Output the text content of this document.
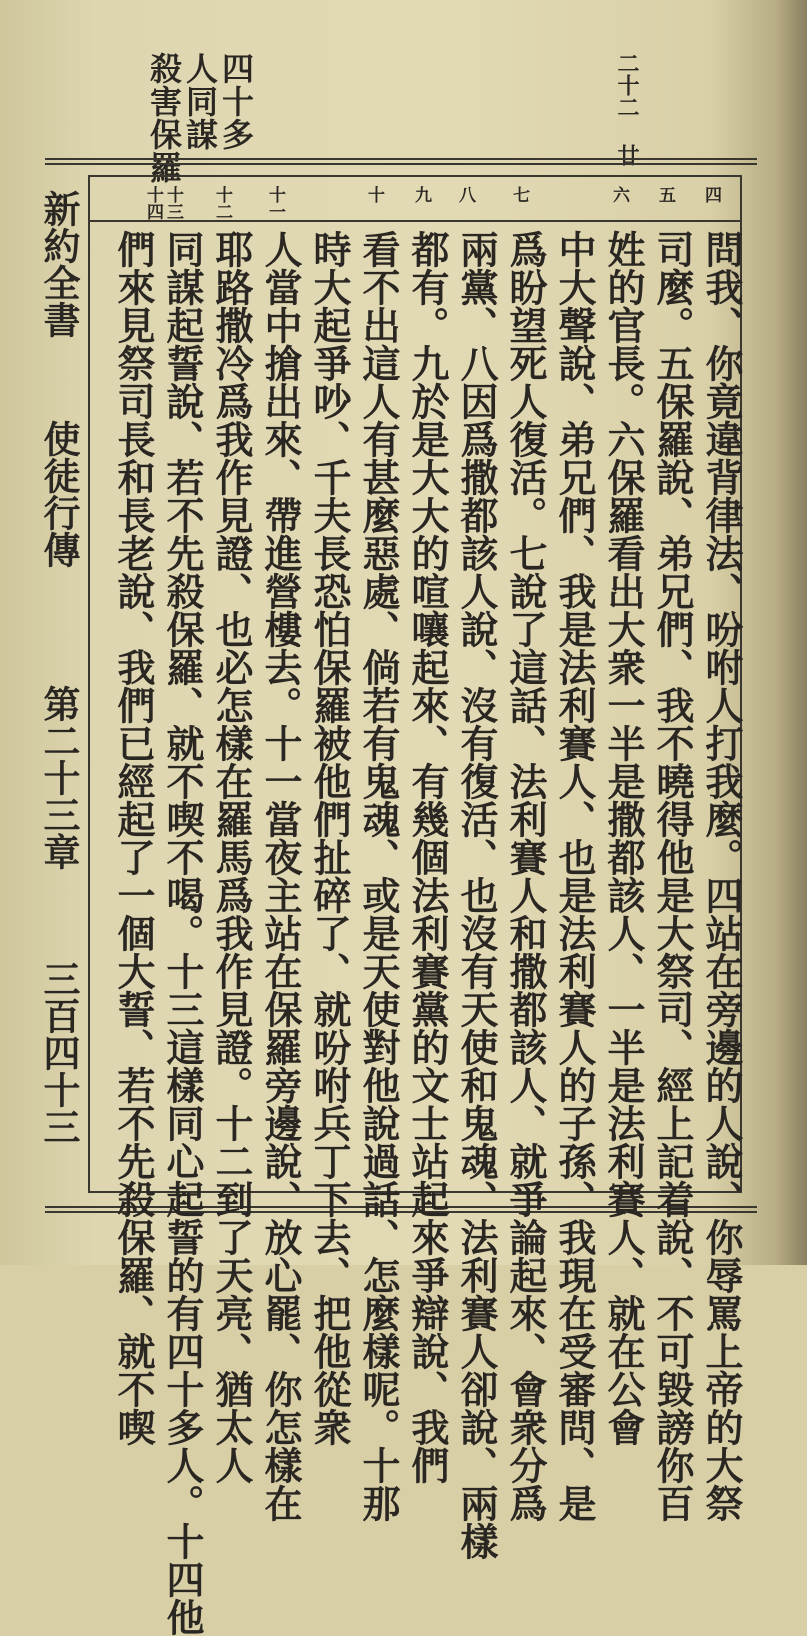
四十多
人同謀
殺害保羅	二十二 廿
新約全書
使徒行傳
第二十三章
三百四十三
四
五
六
七
八
九
十
十一
十二
十三
十四
問我、你竟違背律法、吩咐人打我麼。四站在旁邊的人說、你辱罵上帝的大祭
司麼。五保羅說、弟兄們、我不曉得他是大祭司、經上記着說、不可毀謗你百
姓的官長。六保羅看出大衆一半是撒都該人、一半是法利賽人、就在公會
中大聲說、弟兄們、我是法利賽人、也是法利賽人的子孫、我現在受審問、是
爲盼望死人復活。七說了這話、法利賽人和撒都該人、就爭論起來、會衆分爲
兩黨、八因爲撒都該人說、沒有復活、也沒有天使和鬼魂、法利賽人卻說、兩樣
都有。九於是大大的喧嚷起來、有幾個法利賽黨的文士站起來爭辯說、我們
看不出這人有甚麼惡處、倘若有鬼魂、或是天使對他說過話、怎麼樣呢。十那
時大起爭吵、千夫長恐怕保羅被他們扯碎了、就吩咐兵丁下去、把他從衆
人當中搶出來、帶進營樓去。十一當夜主站在保羅旁邊說、放心罷、你怎樣在
耶路撒冷爲我作見證、也必怎樣在羅馬爲我作見證。十二到了天亮、猶太人
同謀起誓說、若不先殺保羅、就不喫不喝。十三這樣同心起誓的有四十多人。十四他
們來見祭司長和長老說、我們已經起了一個大誓、若不先殺保羅、就不喫
